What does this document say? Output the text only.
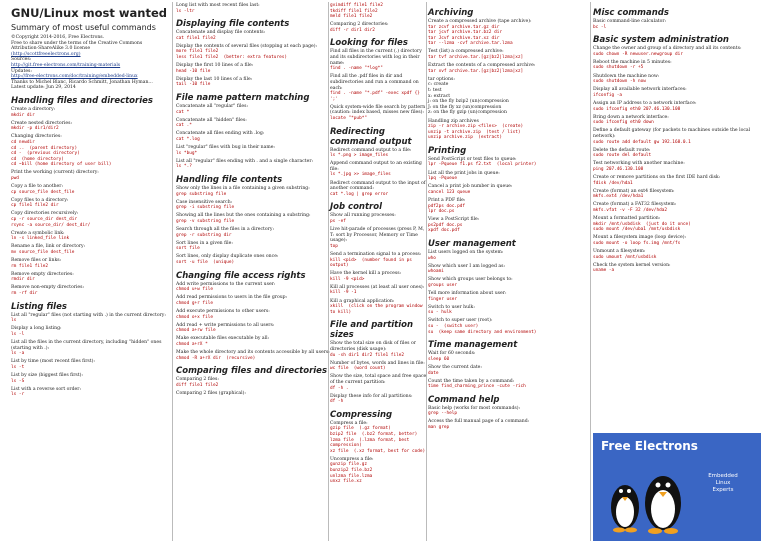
GNU/Linux most wanted
Summary of most useful commands
©Copyright 2014-2016, Free Electrons.
Free to share under the terms of the Creative Commons
Attribution-ShareAlike 3.0 license
(http://scottfreeelectrons.org)
Sources:
http://git.free-electrons.com/training-materials
Updates:
http://free-electrons.com/doc/training/embedded-linux
Thanks to Michel Blanc, Ricardo Schmitt, Jonathan Hyman...
Latest update: Jun 29, 2014
Handling files and directories
Create a directory:
mkdir dir
Create nested directories:
mkdir -p dir1/dir2
Changing directories:
cd newdir
cd ..  (parent directory)
cd -  (previous directory)
cd  (home directory)
cd ~bill (home directory of user bill)
Print the working (current) directory:
pwd
Copy a file to another:
cp source_file dest_file
Copy files to a directory:
cp file1 file2 dir
Copy directories recursively:
cp -r source_dir dest_dir
rsync -a source_dir/ dest_dir/
Create a symbolic link:
ln -s linked_file link
Rename a file, link or directory:
mv source_file dest_file
Remove files or links:
rm file1 file2
Remove empty directories:
rmdir dir
Remove non-empty directories:
rm -rf dir
Listing files
List all "regular" files (not starting with .) in the current directory:
ls
Display a long listing:
ls -l
List all the files in the current directory, including "hidden" ones (starting with .):
ls -a
List by time (most recent files first):
ls -t
List by size (biggest files first):
ls -S
List with a reverse sort order:
ls -r
Long list with most recent files last:
ls -ltr
Displaying file contents
Concatenate and display file contents:
cat file1 file2
Display the contents of several files (stopping at each page):
more file1 file2
less file1 file2  (better: extra features)
Display the first 10 lines of a file:
head -10 file
Display the last 10 lines of a file:
tail -10 file
File name pattern matching
Concatenate all "regular" files:
cat *
Concatenate all "hidden" files:
cat .*
Concatenate all files ending with .log:
cat *.log
List "regular" files with bug in their name:
ls *bug*
List all "regular" files ending with . and a single character:
ls *.?
Handling file contents
Show only the lines in a file containing a given substring:
grep substring file
Case insensitive search:
grep -i substring file
Showing all the lines but the ones containing a substring:
grep -v substring file
Search through all the files in a directory:
grep -r substring dir
Sort lines in a given file:
sort file
Sort lines, only display duplicate ones once:
sort -u file  (unique)
Changing file access rights
Add write permissions to the current user:
chmod u+w file
Add read permissions to users in the file group:
chmod g+r file
Add execute permissions to other users:
chmod o+x file
Add read + write permissions to all users:
chmod a+rw file
Make executable files executable by all:
chmod a+rX *
Make the whole directory and its contents accessible by all users:
chmod -R a+rX dir  (recursive)
Comparing files and directories
Comparing 2 files:
diff file1 file2
Comparing 2 files (graphical):
gvimdiff file1 file2
tkdiff file1 file2
meld file1 file2
Comparing 2 directories:
diff -r dir1 dir2
Looking for files
Find all files in the current (.) directory and its subdirectories with log in their name:
find . -name "*log*"
Find all the .pdf files in dir and subdirectories and run a command on each:
find . -name "*.pdf" -exec xpdf {} ';'
Quick system-wide file search by pattern (caution: index based, misses new files):
locate "*pub*"
Redirecting command output
Redirect command output to a file:
ls *.png > image_files
Append command output to an existing file:
ls *.jpg >> image_files
Redirect command output to the input of another command:
cat *.log | grep error
Job control
Show all running processes:
ps -ef
Live hit-parade of processes (press P, M, T: sort by Processor, Memory or Time usage):
top
Send a termination signal to a process:
kill <pid>  (number found in ps output)
Have the kernel kill a process:
kill -9 <pid>
Kill all processes (at least all user ones):
kill -9 -1
Kill a graphical application:
xkill  (click on the program window to kill)
File and partition sizes
Show the total size on disk of files or directories (disk usage):
du -sh dir1 dir2 file1 file2
Number of bytes, words and lines in file:
wc file  (word count)
Show the size, total space and free space of the current partition:
df -h .
Display these info for all partitions:
df -h
Compressing
Compress a file:
gzip file  (.gz format)
bzip2 file  (.bz2 format, better)
lzma file  (.lzma format, best compression)
xz file  (.xz format, best for code)
Uncompress a file:
gunzip file.gz
bunzip2 file.bz2
unlzma file.lzma
unxz file.xz
Archiving
Create a compressed archive (tape archive):
tar zcvf archive.tar.gz dir
tar jcvf archive.tar.bz2 dir
tar Jcvf archive.tar.xz dir
tar --lzma -cvf archive.tar.lzma
Test (list) a compressed archive:
tar tvf archive.tar.[gz|bz2|lzma|xz]
Extract the contents of a compressed archive:
tar xvf archive.tar.[gz|bz2|lzma|xz]
tar options:
c: create
t: test
x: extract
j: on the fly bzip2 (un)compression
J: on the fly xz (un)compression
z: on the fly gzip (un)compression
Handling zip archives
zip -r archive.zip <files>  (create)
unzip -t archive.zip  (test / list)
unzip archive.zip  (extract)
Printing
Send PostScript or text files to queue:
lpr -Pqueue f1.ps f2.txt  (local printer)
List all the print jobs in queue:
lpq -Pqueue
Cancel a print job number in queue:
cancel 123 queue
Print a PDF file:
pdf2ps doc.pdf
lpr doc.ps
View a PostScript file:
ps2pdf doc.ps
xpdf doc.pdf
User management
List users logged on the system:
who
Show which user I am logged as:
whoami
Show which groups user belongs to:
groups user
Tell more information about user:
finger user
Switch to user hulk:
su - hulk
Switch to super user (root):
su -  (switch user)
su  (keep same directory and environment)
Time management
Wait for 60 seconds:
sleep 60
Show the current date:
date
Count the time taken by a command:
time find_charming_prince -cute -rich
Command help
Basic help (works for most commands):
grep --help
Access the full manual page of a command:
man grep
Misc commands
Basic command-line calculator:
bc -l
Basic system administration
Change the owner and group of a directory and all its contents:
sudo chown -R newuser.newgroup dir
Reboot the machine in 5 minutes:
sudo shutdown -r +5
Shutdown the machine now:
sudo shutdown -h now
Display all available network interfaces:
ifconfig -a
Assign an IP address to a network interface:
sudo ifconfig eth0 207.46.130.108
Bring down a network interface:
sudo ifconfig eth0 down
Define a default gateway (for packets to machines outside the local network):
sudo route add default gw 192.168.0.1
Delete the default route:
sudo route del default
Test networking with another machine:
ping 207.46.130.108
Create or remove partitions on the first IDE hard disk:
fdisk /dev/hda1
Create (format) an ext4 filesystem:
mkfs.ext4 /dev/hda1
Create (format) a FAT32 filesystem:
mkfs.vfat -v -F 32 /dev/hda2
Mount a formatted partition:
mkdir /mnt/usbdisk  (just do it once)
sudo mount /dev/uba1 /mnt/usbdisk
Mount a filesystem image (loop device):
sudo mount -o loop fs.img /mnt/fs
Unmount a filesystem:
sudo umount /mnt/usbdisk
Check the system kernel version:
uname -a
Free Electrons
Embedded
Linux
Experts
